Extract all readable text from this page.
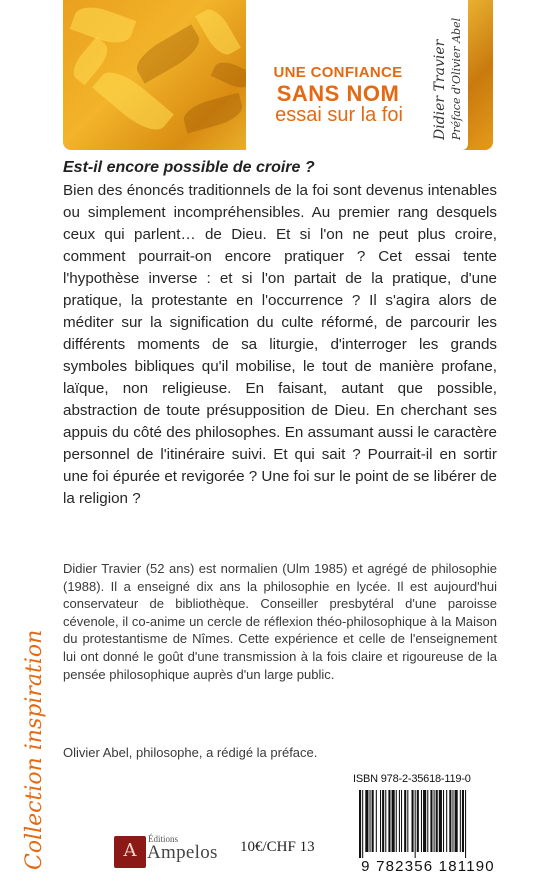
UNE CONFIANCE
SANS NOM
essai sur la foi	Didier Travier Préface d'Olivier Abel
Est-il encore possible de croire ?

Bien des énoncés traditionnels de la foi sont devenus intenables ou simplement incompréhensibles. Au premier rang desquels ceux qui parlent… de Dieu. Et si l'on ne peut plus croire, comment pourrait-on encore pratiquer ? Cet essai tente l'hypothèse inverse : et si l'on partait de la pratique, d'une pratique, la protestante en l'occurrence ? Il s'agira alors de méditer sur la signification du culte réformé, de parcourir les différents moments de sa liturgie, d'interroger les grands symboles bibliques qu'il mobilise, le tout de manière profane, laïque, non religieuse. En faisant, autant que possible, abstraction de toute présupposition de Dieu. En cherchant ses appuis du côté des philosophes. En assumant aussi le caractère personnel de l'itinéraire suivi. Et qui sait ? Pourrait-il en sortir une foi épurée et revigorée ? Une foi sur le point de se libérer de la religion ?

Didier Travier (52 ans) est normalien (Ulm 1985) et agrégé de philosophie (1988). Il a enseigné dix ans la philosophie en lycée. Il est aujourd'hui conservateur de bibliothèque. Conseiller presbytéral d'une paroisse cévenole, il co-anime un cercle de réflexion théo-philosophique à la Maison du protestantisme de Nîmes. Cette expérience et celle de l'enseignement lui ont donné le goût d'une transmission à la fois claire et rigoureuse de la pensée philosophique auprès d'un large public.

Olivier Abel, philosophe, a rédigé la préface.
Collection inspiration	A
Éditions
Ampelos 10€/CHF 13
ISBN 978-2-35618-119-0
9 782356 181190
